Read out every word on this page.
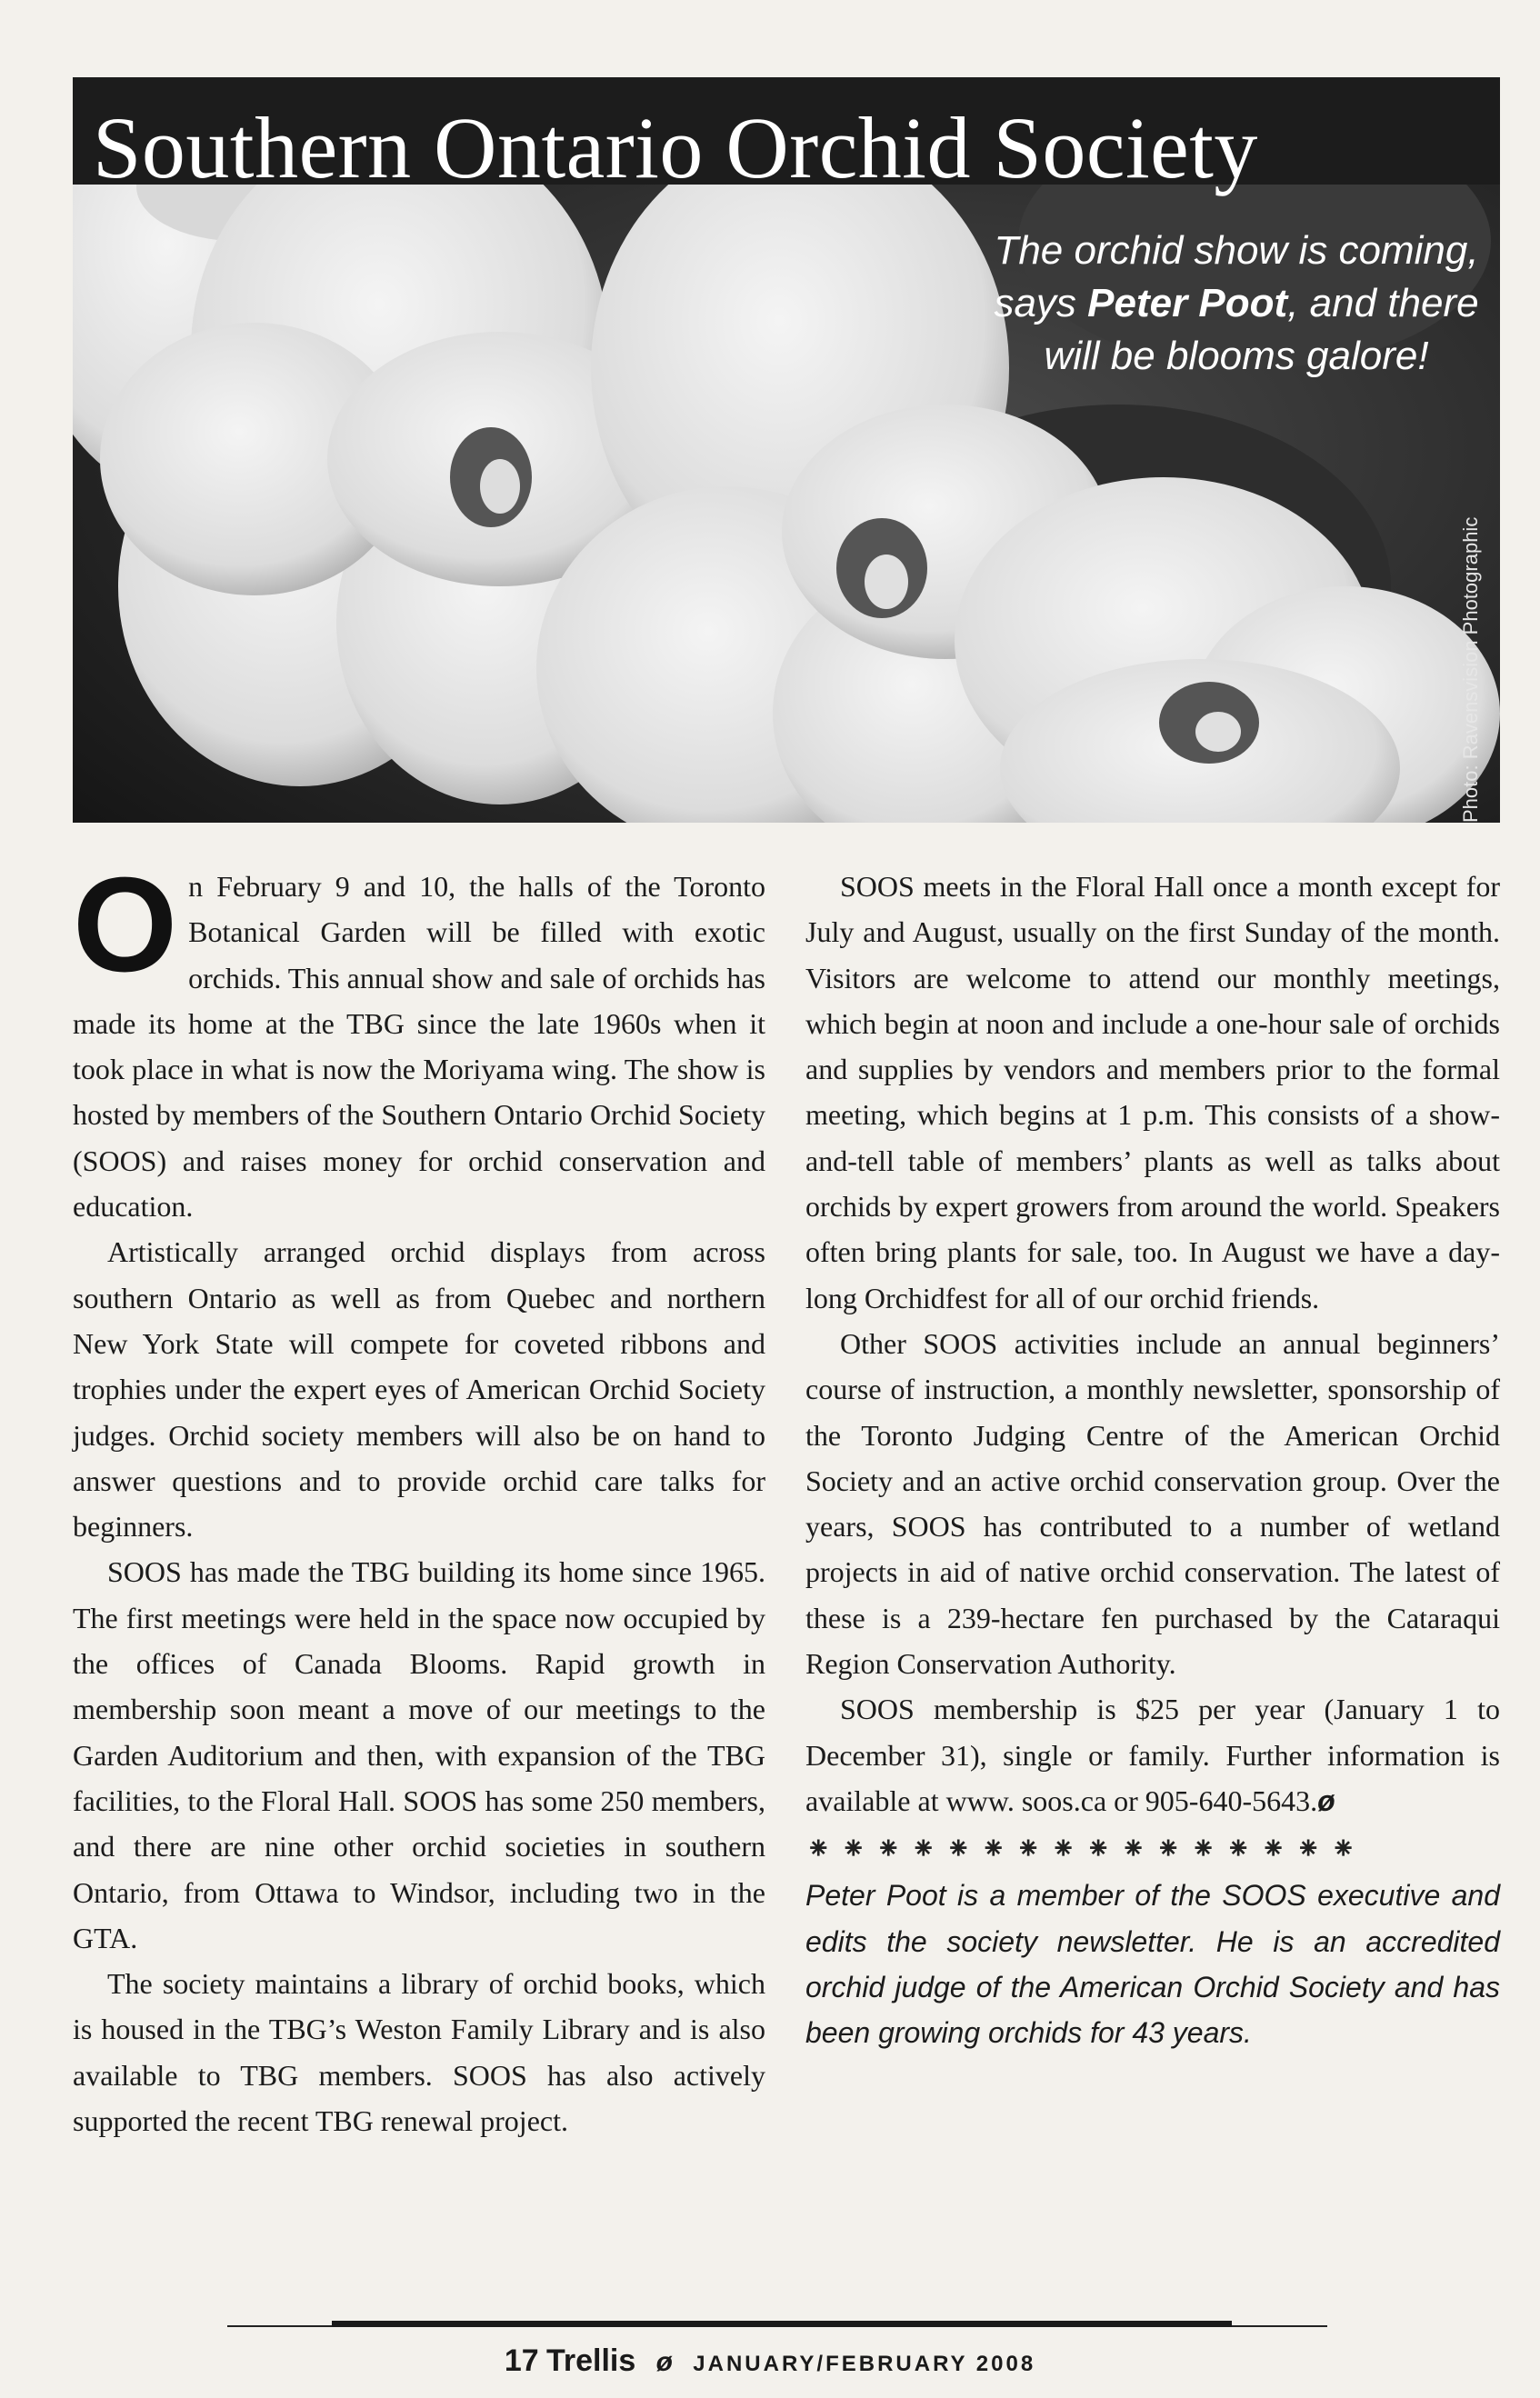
Southern Ontario Orchid Society
The orchid show is coming, says Peter Poot, and there will be blooms galore!
Photo: Ravensvision Photographic

On February 9 and 10, the halls of the Toronto Botanical Garden will be filled with exotic orchids. This annual show and sale of orchids has made its home at the TBG since the late 1960s when it took place in what is now the Moriyama wing. The show is hosted by members of the Southern Ontario Orchid Society (SOOS) and raises money for orchid conservation and education.

Artistically arranged orchid displays from across southern Ontario as well as from Quebec and northern New York State will compete for coveted ribbons and trophies under the expert eyes of American Orchid Society judges. Orchid society members will also be on hand to answer questions and to provide orchid care talks for beginners.

SOOS has made the TBG building its home since 1965. The first meetings were held in the space now occupied by the offices of Canada Blooms. Rapid growth in membership soon meant a move of our meetings to the Garden Auditorium and then, with expansion of the TBG facilities, to the Floral Hall. SOOS has some 250 members, and there are nine other orchid societies in southern Ontario, from Ottawa to Windsor, including two in the GTA.

The society maintains a library of orchid books, which is housed in the TBG’s Weston Family Library and is also available to TBG members. SOOS has also actively supported the recent TBG renewal project.

SOOS meets in the Floral Hall once a month except for July and August, usually on the first Sunday of the month. Visitors are welcome to attend our monthly meetings, which begin at noon and include a one-hour sale of orchids and supplies by vendors and members prior to the formal meeting, which begins at 1 p.m. This consists of a show-and-tell table of members’ plants as well as talks about orchids by expert growers from around the world. Speakers often bring plants for sale, too. In August we have a day-long Orchidfest for all of our orchid friends.

Other SOOS activities include an annual beginners’ course of instruction, a monthly newsletter, sponsorship of the Toronto Judging Centre of the American Orchid Society and an active orchid conservation group. Over the years, SOOS has contributed to a number of wetland projects in aid of native orchid conservation. The latest of these is a 239-hectare fen purchased by the Cataraqui Region Conservation Authority.

SOOS membership is $25 per year (January 1 to December 31), single or family. Further information is available at www. soos.ca or 905-640-5643.ø

⁕⁕⁕⁕⁕⁕⁕⁕⁕⁕⁕⁕⁕⁕⁕⁕

Peter Poot is a member of the SOOS executive and edits the society newsletter. He is an accredited orchid judge of the American Orchid Society and has been growing orchids for 43 years.

17 Trellis ø JANUARY/FEBRUARY 2008
